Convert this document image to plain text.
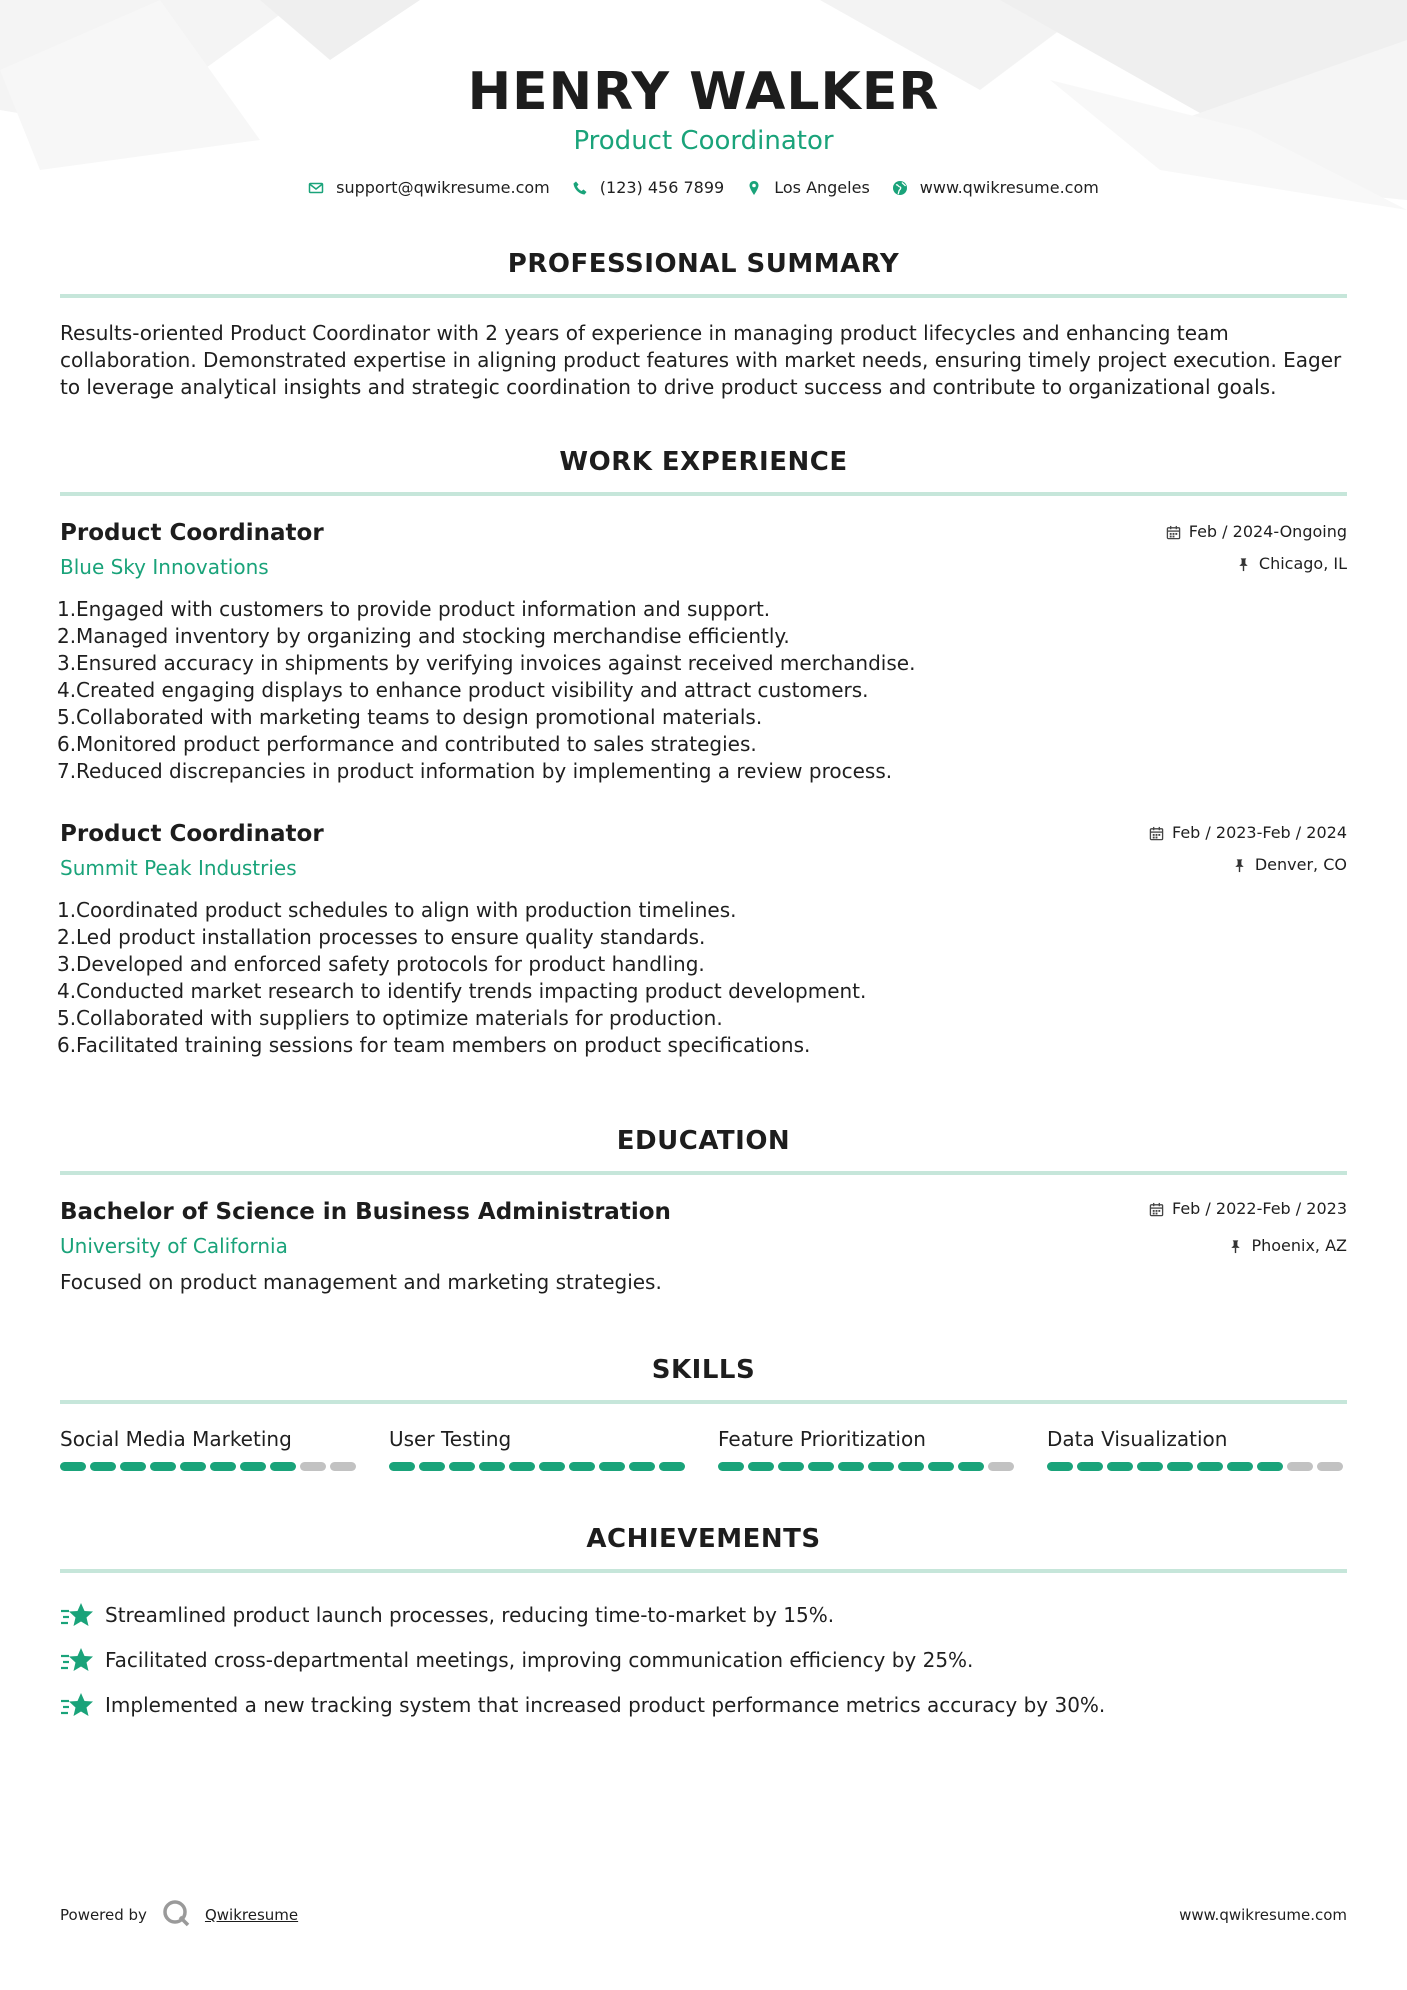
HENRY WALKER
Product Coordinator
support@qwikresume.com	(123) 456 7899	Los Angeles	www.qwikresume.com
PROFESSIONAL SUMMARY

Results-oriented Product Coordinator with 2 years of experience in managing product lifecycles and enhancing team collaboration. Demonstrated expertise in aligning product features with market needs, ensuring timely project execution. Eager to leverage analytical insights and strategic coordination to drive product success and contribute to organizational goals.

WORK EXPERIENCE
Product Coordinator
Blue Sky Innovations
Feb / 2024-Ongoing
Chicago, IL
1. Engaged with customers to provide product information and support.
2. Managed inventory by organizing and stocking merchandise efficiently.
3. Ensured accuracy in shipments by verifying invoices against received merchandise.
4. Created engaging displays to enhance product visibility and attract customers.
5. Collaborated with marketing teams to design promotional materials.
6. Monitored product performance and contributed to sales strategies.
7. Reduced discrepancies in product information by implementing a review process.
Product Coordinator
Summit Peak Industries
Feb / 2023-Feb / 2024
Denver, CO
1. Coordinated product schedules to align with production timelines.
2. Led product installation processes to ensure quality standards.
3. Developed and enforced safety protocols for product handling.
4. Conducted market research to identify trends impacting product development.
5. Collaborated with suppliers to optimize materials for production.
6. Facilitated training sessions for team members on product specifications.
EDUCATION
Bachelor of Science in Business Administration
University of California
Feb / 2022-Feb / 2023
Phoenix, AZ

Focused on product management and marketing strategies.

SKILLS
Social Media Marketing	User Testing	Feature Prioritization	Data Visualization
ACHIEVEMENTS
Streamlined product launch processes, reducing time-to-market by 15%.
Facilitated cross-departmental meetings, improving communication efficiency by 25%.
Implemented a new tracking system that increased product performance metrics accuracy by 30%.
Powered by	Qwikresume	www.qwikresume.com
